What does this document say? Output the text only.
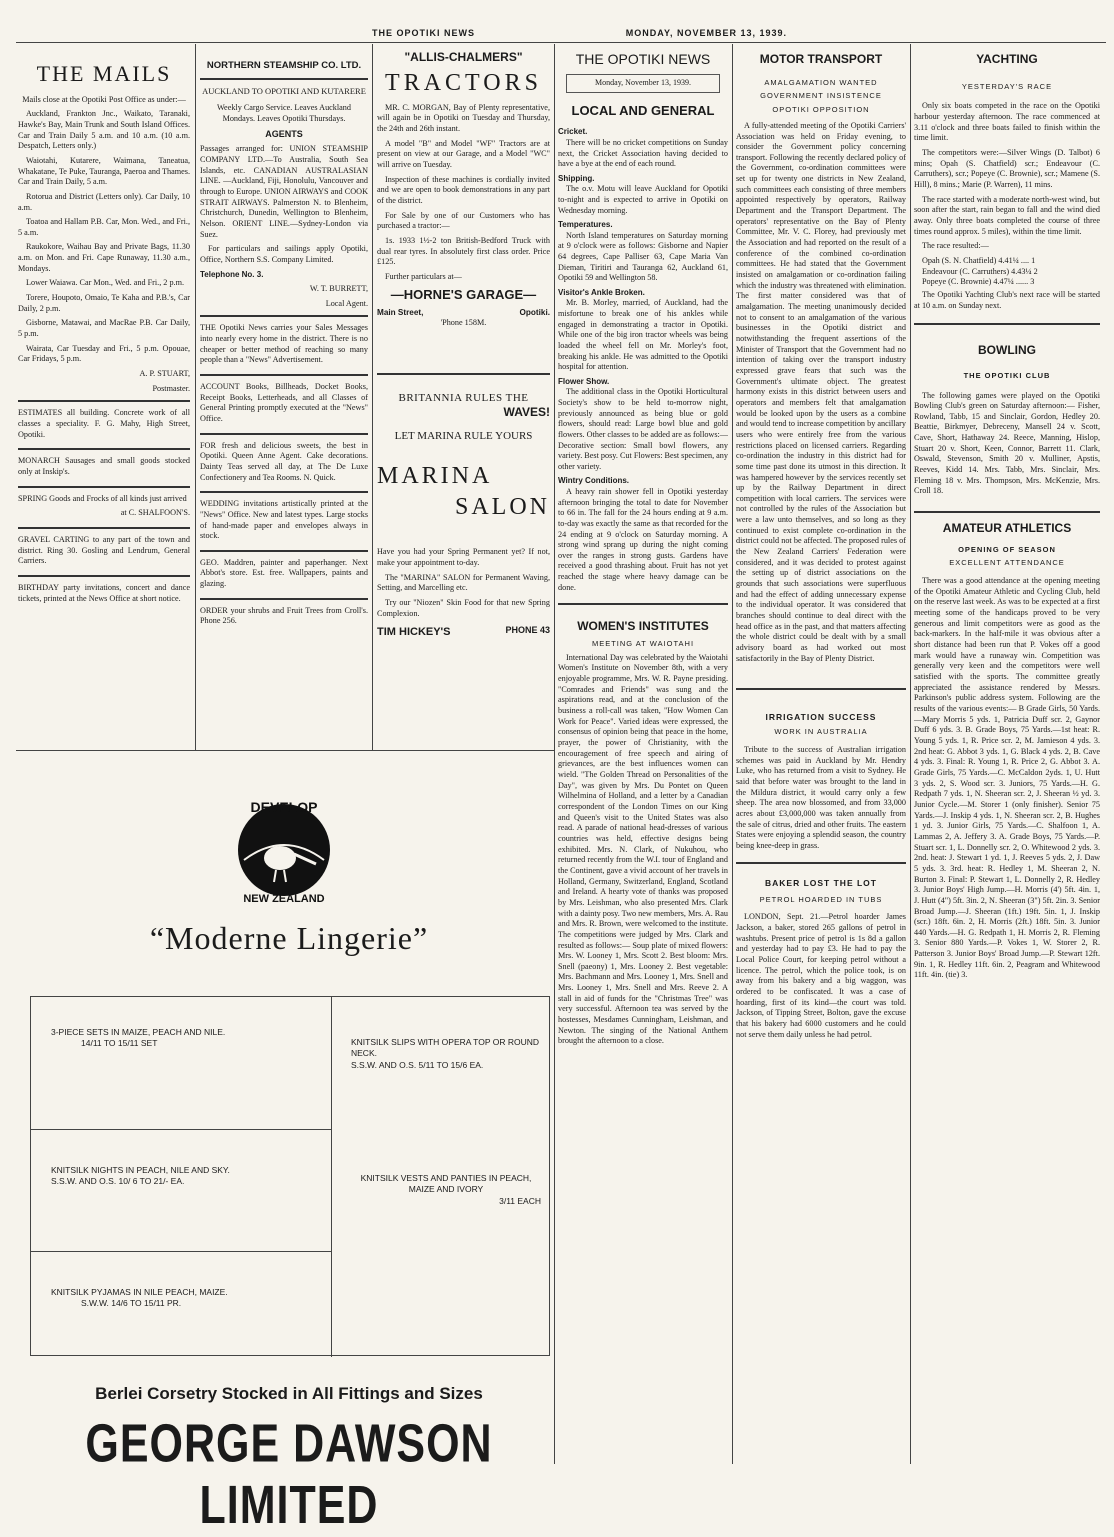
THE OPOTIKI NEWS	MONDAY, NOVEMBER 13, 1939.
THE MAILS

Mails close at the Opotiki Post Office as under:—

Auckland, Frankton Jnc., Waikato, Taranaki, Hawke's Bay, Main Trunk and South Island Offices. Car and Train Daily 5 a.m. and 10 a.m. (10 a.m. Despatch, Letters only.)

Waiotahi, Kutarere, Waimana, Taneatua, Whakatane, Te Puke, Tauranga, Paeroa and Thames. Car and Train Daily, 5 a.m.

Rotorua and District (Letters only). Car Daily, 10 a.m.

Toatoa and Hallam P.B. Car, Mon. Wed., and Fri., 5 a.m.

Raukokore, Waihau Bay and Private Bags, 11.30 a.m. on Mon. and Fri. Cape Runaway, 11.30 a.m., Mondays.

Lower Waiawa. Car Mon., Wed. and Fri., 2 p.m.

Torere, Houpoto, Omaio, Te Kaha and P.B.'s, Car Daily, 2 p.m.

Gisborne, Matawai, and MacRae P.B. Car Daily, 5 p.m.

Wairata, Car Tuesday and Fri., 5 p.m. Opouae, Car Fridays, 5 p.m.

A. P. STUART,

Postmaster.

ESTIMATES all building. Concrete work of all classes a speciality. F. G. Mahy, High Street, Opotiki.

MONARCH Sausages and small goods stocked only at Inskip's.

SPRING Goods and Frocks of all kinds just arrived

at C. SHALFOON'S.

GRAVEL CARTING to any part of the town and district. Ring 30. Gosling and Lendrum, General Carriers.

BIRTHDAY party invitations, concert and dance tickets, printed at the News Office at short notice.

NORTHERN STEAMSHIP CO. LTD.
AUCKLAND TO OPOTIKI AND KUTARERE

Weekly Cargo Service. Leaves Auckland Mondays. Leaves Opotiki Thursdays.

AGENTS

Passages arranged for: UNION STEAMSHIP COMPANY LTD.—To Australia, South Sea Islands, etc. CANADIAN AUSTRALASIAN LINE. —Auckland, Fiji, Honolulu, Vancouver and through to Europe. UNION AIRWAYS and COOK STRAIT AIRWAYS. Palmerston N. to Blenheim, Christchurch, Dunedin, Wellington to Blenheim, Nelson. ORIENT LINE.—Sydney-London via Suez.

For particulars and sailings apply Opotiki, Office, Northern S.S. Company Limited.

Telephone No. 3.

W. T. BURRETT,

Local Agent.

THE Opotiki News carries your Sales Messages into nearly every home in the district. There is no cheaper or better method of reaching so many people than a "News" Advertisement.

ACCOUNT Books, Billheads, Docket Books, Receipt Books, Letterheads, and all Classes of General Printing promptly executed at the "News" Office.

FOR fresh and delicious sweets, the best in Opotiki. Queen Anne Agent. Cake decorations. Dainty Teas served all day, at The De Luxe Confectionery and Tea Rooms. N. Quick.

WEDDING invitations artistically printed at the "News" Office. New and latest types. Large stocks of hand-made paper and envelopes always in stock.

GEO. Maddren, painter and paperhanger. Next Abbot's store. Est. free. Wallpapers, paints and glazing.

ORDER your shrubs and Fruit Trees from Croll's. Phone 256.

"ALLIS-CHALMERS"
TRACTORS

MR. C. MORGAN, Bay of Plenty representative, will again be in Opotiki on Tuesday and Thursday, the 24th and 26th instant.

A model "B" and Model "WF" Tractors are at present on view at our Garage, and a Model "WC" will arrive on Tuesday.

Inspection of these machines is cordially invited and we are open to book demonstrations in any part of the district.

For Sale by one of our Customers who has purchased a tractor:—

1s. 1933 1½-2 ton British-Bedford Truck with dual rear tyres. In absolutely first class order. Price £125.

Further particulars at—

—HORNE'S GARAGE—
Main Street,	Opotiki.

'Phone 158M.

BRITANNIA RULES THE
WAVES!
LET MARINA RULE YOURS
MARINA
SALON

Have you had your Spring Permanent yet? If not, make your appointment to-day.

The "MARINA" SALON for Permanent Waving, Setting, and Marcelling etc.

Try our "Niozen" Skin Food for that new Spring Complexion.

TIM HICKEY'S	PHONE 43
THE OPOTIKI NEWS
Monday, November 13, 1939.
LOCAL AND GENERAL
Cricket.

There will be no cricket competitions on Sunday next, the Cricket Association having decided to have a bye at the end of each round.

Shipping.

The o.v. Motu will leave Auckland for Opotiki to-night and is expected to arrive in Opotiki on Wednesday morning.

Temperatures.

North Island temperatures on Saturday morning at 9 o'clock were as follows: Gisborne and Napier 64 degrees, Cape Palliser 63, Cape Maria Van Dieman, Tiritiri and Tauranga 62, Auckland 61, Opotiki 59 and Wellington 58.

Visitor's Ankle Broken.

Mr. B. Morley, married, of Auckland, had the misfortune to break one of his ankles while engaged in demonstrating a tractor in Opotiki. While one of the big iron tractor wheels was being loaded the wheel fell on Mr. Morley's foot, breaking his ankle. He was admitted to the Opotiki hospital for attention.

Flower Show.

The additional class in the Opotiki Horticultural Society's show to be held to-morrow night, previously announced as being blue or gold flowers, should read: Large bowl blue and gold flowers. Other classes to be added are as follows:—Decorative section: Small bowl flowers, any variety. Best posy. Cut Flowers: Best specimen, any other variety.

Wintry Conditions.

A heavy rain shower fell in Opotiki yesterday afternoon bringing the total to date for November to 66 in. The fall for the 24 hours ending at 9 a.m. to-day was exactly the same as that recorded for the 24 ending at 9 o'clock on Saturday morning. A strong wind sprang up during the night coming over the ranges in strong gusts. Gardens have received a good thrashing about. Fruit has not yet reached the stage where heavy damage can be done.

WOMEN'S INSTITUTES
MEETING AT WAIOTAHI

International Day was celebrated by the Waiotahi Women's Institute on November 8th, with a very enjoyable programme, Mrs. W. R. Payne presiding. "Comrades and Friends" was sung and the aspirations read, and at the conclusion of the business a roll-call was taken, "How Women Can Work for Peace". Varied ideas were expressed, the consensus of opinion being that peace in the home, prayer, the power of Christianity, with the encouragement of free speech and airing of grievances, are the best influences women can wield. "The Golden Thread on Personalities of the Day", was given by Mrs. Du Pontet on Queen Wilhelmina of Holland, and a letter by a Canadian correspondent of the London Times on our King and Queen's visit to the United States was also read. A parade of national head-dresses of various countries was held, effective designs being exhibited. Mrs. N. Clark, of Nukuhou, who returned recently from the W.I. tour of England and the Continent, gave a vivid account of her travels in Holland, Germany, Switzerland, England, Scotland and Ireland. A hearty vote of thanks was proposed by Mrs. Leishman, who also presented Mrs. Clark with a dainty posy. Two new members, Mrs. A. Rau and Mrs. R. Brown, were welcomed to the institute. The competitions were judged by Mrs. Clark and resulted as follows:— Soup plate of mixed flowers: Mrs. W. Looney 1, Mrs. Scott 2. Best bloom: Mrs. Snell (paeony) 1, Mrs. Looney 2. Best vegetable: Mrs. Bachmann and Mrs. Looney 1, Mrs. Snell and Mrs. Looney 1, Mrs. Snell and Mrs. Reeve 2. A stall in aid of funds for the "Christmas Tree" was very successful. Afternoon tea was served by the hostesses, Mesdames Cunningham, Leishman, and Newton. The singing of the National Anthem brought the afternoon to a close.

MOTOR TRANSPORT
AMALGAMATION WANTED
GOVERNMENT INSISTENCE
OPOTIKI OPPOSITION

A fully-attended meeting of the Opotiki Carriers' Association was held on Friday evening, to consider the Government policy concerning transport. Following the recently declared policy of the Government, co-ordination committees were set up for twenty one districts in New Zealand, such committees each consisting of three members appointed respectively by operators, Railway Department and the Transport Department. The operators' representative on the Bay of Plenty Committee, Mr. V. C. Florey, had previously met the Association and had reported on the result of a conference of the combined co-ordination committees. He had stated that the Government insisted on amalgamation or co-ordination failing which the industry was threatened with elimination. The first matter considered was that of amalgamation. The meeting unanimously decided not to consent to an amalgamation of the various businesses in the Opotiki district and notwithstanding the frequent assertions of the Minister of Transport that the Government had no intention of taking over the transport industry expressed grave fears that such was the Government's ultimate object. The greatest harmony exists in this district between users and operators and members felt that amalgamation would be looked upon by the users as a combine and would tend to increase competition by ancillary users who were entirely free from the various restrictions placed on licensed carriers. Regarding co-ordination the industry in this district had for some time past done its utmost in this direction. It was hampered however by the services recently set up by the Railway Department in direct competition with local carriers. The services were not controlled by the rules of the Association but were a law unto themselves, and so long as they continued to exist complete co-ordination in the district could not be affected. The proposed rules of the New Zealand Carriers' Federation were considered, and it was decided to protest against the setting up of district associations on the grounds that such associations were superfluous and had the effect of adding unnecessary expense to the individual operator. It was considered that branches should continue to deal direct with the head office as in the past, and that matters affecting the whole district could be dealt with by a small advisory board as had worked out most satisfactorily in the Bay of Plenty District.

IRRIGATION SUCCESS
WORK IN AUSTRALIA

Tribute to the success of Australian irrigation schemes was paid in Auckland by Mr. Hendry Luke, who has returned from a visit to Sydney. He said that before water was brought to the land in the Mildura district, it would carry only a few sheep. The area now blossomed, and from 33,000 acres about £3,000,000 was taken annually from the sale of citrus, dried and other fruits. The eastern States were enjoying a splendid season, the country being knee-deep in grass.

BAKER LOST THE LOT
PETROL HOARDED IN TUBS

LONDON, Sept. 21.—Petrol hoarder James Jackson, a baker, stored 265 gallons of petrol in washtubs. Present price of petrol is 1s 8d a gallon and yesterday had to pay £3. He had to pay the Local Police Court, for keeping petrol without a licence. The petrol, which the police took, is on away from his bakery and a big waggon, was ordered to be confiscated. It was a case of hoarding, first of its kind—the court was told. Jackson, of Tipping Street, Bolton, gave the excuse that his bakery had 6000 customers and he could not serve them daily unless he had petrol.

YACHTING
YESTERDAY'S RACE

Only six boats competed in the race on the Opotiki harbour yesterday afternoon. The race commenced at 3.11 o'clock and three boats failed to finish within the time limit.

The competitors were:—Silver Wings (D. Talbot) 6 mins; Opah (S. Chatfield) scr.; Endeavour (C. Carruthers), scr.; Popeye (C. Brownie), scr.; Mamene (S. Hill), 8 mins.; Marie (P. Warren), 11 mins.

The race started with a moderate north-west wind, but soon after the start, rain began to fall and the wind died away. Only three boats completed the course of three times round approx. 5 miles), within the time limit.

The race resulted:—

Opah (S. N. Chatfield) 4.41¼ .... 1
Endeavour (C. Carruthers) 4.43¼ 2
Popeye (C. Brownie) 4.47¼ ...... 3

The Opotiki Yachting Club's next race will be started at 10 a.m. on Sunday next.

BOWLING
THE OPOTIKI CLUB

The following games were played on the Opotiki Bowling Club's green on Saturday afternoon:— Fisher, Rowland, Tabb, 15 and Sinclair, Gordon, Hedley 20. Beattie, Birkmyer, Debreceny, Mansell 24 v. Scott, Cave, Short, Hathaway 24. Reece, Manning, Hislop, Stuart 20 v. Short, Keen, Connor, Barrett 11. Clark, Oswald, Stevenson, Smith 20 v. Mulliner, Apstis, Reeves, Kidd 14. Mrs. Tabb, Mrs. Sinclair, Mrs. Fleming 18 v. Mrs. Thompson, Mrs. McKenzie, Mrs. Croll 18.

AMATEUR ATHLETICS
OPENING OF SEASON
EXCELLENT ATTENDANCE

There was a good attendance at the opening meeting of the Opotiki Amateur Athletic and Cycling Club, held on the reserve last week. As was to be expected at a first meeting some of the handicaps proved to be very generous and limit competitors were as good as the back-markers. In the half-mile it was obvious after a short distance had been run that P. Vokes off a good mark would have a runaway win. Competition was generally very keen and the competitors were well satisfied with the sports. The committee greatly appreciated the assistance rendered by Messrs. Parkinson's public address system. Following are the results of the various events:— B Grade Girls, 50 Yards.—Mary Morris 5 yds. 1, Patricia Duff scr. 2, Gaynor Duff 6 yds. 3. B. Grade Boys, 75 Yards.—1st heat: R. Young 5 yds. 1, R. Price scr. 2, M. Jamieson 4 yds. 3. 2nd heat: G. Abbot 3 yds. 1, G. Black 4 yds. 2, B. Cave 4 yds. 3. Final: R. Young 1, R. Price 2, G. Abbot 3. A. Grade Girls, 75 Yards.—C. McCaldon 2yds. 1, U. Hutt 3 yds. 2, S. Wood scr. 3. Juniors, 75 Yards.—H. G. Redpath 7 yds. 1, N. Sheeran scr. 2, J. Sheeran ½ yd. 3. Junior Cycle.—M. Storer 1 (only finisher). Senior 75 Yards.—J. Inskip 4 yds. 1, N. Sheeran scr. 2, B. Hughes 1 yd. 3. Junior Girls, 75 Yards.—C. Shalfoon 1, A. Lammas 2, A. Jeffery 3. A. Grade Boys, 75 Yards.—P. Stuart scr. 1, L. Donnelly scr. 2, O. Whitewood 2 yds. 3. 2nd. heat: J. Stewart 1 yd. 1, J. Reeves 5 yds. 2, J. Daw 5 yds. 3. 3rd. heat: R. Hedley 1, M. Sheeran 2, N. Burton 3. Final: P. Stewart 1, L. Donnelly 2, R. Hedley 3. Junior Boys' High Jump.—H. Morris (4') 5ft. 4in. 1, J. Hutt (4") 5ft. 3in. 2, N. Sheeran (3") 5ft. 2in. 3. Senior Broad Jump.—J. Sheeran (1ft.) 19ft. 5in. 1, J. Inskip (scr.) 18ft. 6in. 2, H. Morris (2ft.) 18ft. 5in. 3. Junior 440 Yards.—H. G. Redpath 1, H. Morris 2, R. Fleming 3. Senior 880 Yards.—P. Vokes 1, W. Storer 2, R. Patterson 3. Junior Boys' Broad Jump.—P. Stewart 12ft. 9in. 1, R. Hedley 11ft. 6in. 2, Peagram and Whitewood 11ft. 4in. (tie) 3.

DEVELOP
NEW ZEALAND
“Moderne Lingerie”
3-PIECE SETS IN MAIZE, PEACH AND NILE.
14/11 TO 15/11 SET	KNITSILK SLIPS WITH OPERA TOP OR ROUND NECK.
S.S.W. AND O.S. 5/11 TO 15/6 EA.
KNITSILK NIGHTS IN PEACH, NILE AND SKY.
S.S.W. AND O.S. 10/ 6 TO 21/- EA.	KNITSILK VESTS AND PANTIES IN PEACH, MAIZE AND IVORY
3/11 EACH
KNITSILK PYJAMAS IN NILE PEACH, MAIZE.
S.W.W. 14/6 TO 15/11 PR.
Berlei Corsetry Stocked in All Fittings and Sizes
GEORGE DAWSON LIMITED
